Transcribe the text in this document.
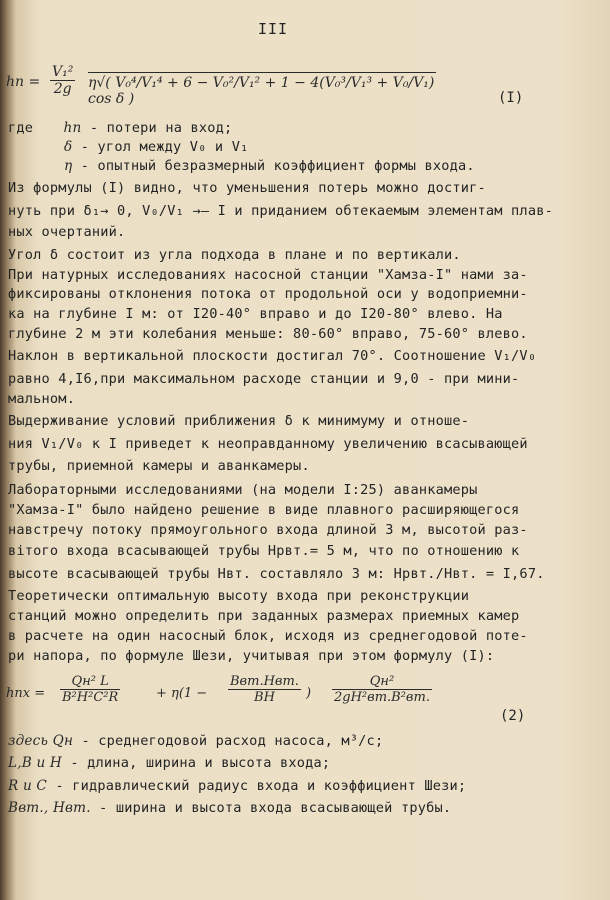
III
hп = $\frac{\text{V₁²}}{2g} \eta√$( V₀⁴/V₁⁴ + 6 − V₀²/V₁² + 1 − 4(V₀³/V₁³ + V₀/V₁) cos δ )	(I)
где hп - потери на вход;
δ - угол между V₀ и V₁
η - опытный безразмерный коэффициент формы входа.
Из формулы (I) видно, что уменьшения потерь можно достиг-
нуть при δ₁→ 0, V₀/V₁ →— I и приданием обтекаемым элементам плав-
ных очертаний.
Угол δ состоит из угла подхода в плане и по вертикали.
При натурных исследованиях насосной станции "Хамза-I" нами за-
фиксированы отклонения потока от продольной оси у водоприемни-
ка на глубине I м: от I20-40° вправо и до I20-80° влево. На
глубине 2 м эти колебания меньше: 80-60° вправо, 75-60° влево.
Наклон в вертикальной плоскости достигал 70°. Соотношение V₁/V₀
равно 4,I6,при максимальном расходе станции и 9,0 - при мини-
мальном.
Выдерживание условий приближения δ к минимуму и отноше-
ния V₁/V₀ к I приведет к неоправданному увеличению всасывающей
трубы, приемной камеры и аванкамеры.
Лабораторными исследованиями (на модели I:25) аванкамеры
"Хамза-I" было найдено решение в виде плавного расширяющегося
навстречу потоку прямоугольного входа длиной 3 м, высотой раз-
вітого входа всасывающей трубы Hрвт.= 5 м, что по отношению к
высоте всасывающей трубы Hвт. составляло 3 м: Hрвт./Hвт. = I,67.
Теоретически оптимальную высоту входа при реконструкции
станций можно определить при заданных размерах приемных камер
в расчете на один насосный блок, исходя из среднегодовой поте-
ри напора, по формуле Шези, учитывая при этом формулу (I):
hпх =
Qн² L
B²H²C²R	+ η(1 −
Bвт.Hвт.
BH	)
Qн²
2gH²вт.B²вт.
(2)
здесь Qн - среднегодовой расход насоса, м³/с;
L,B и H - длина, ширина и высота входа;
R и C - гидравлический радиус входа и коэффициент Шези;
Bвт., Hвт. - ширина и высота входа всасывающей трубы.
